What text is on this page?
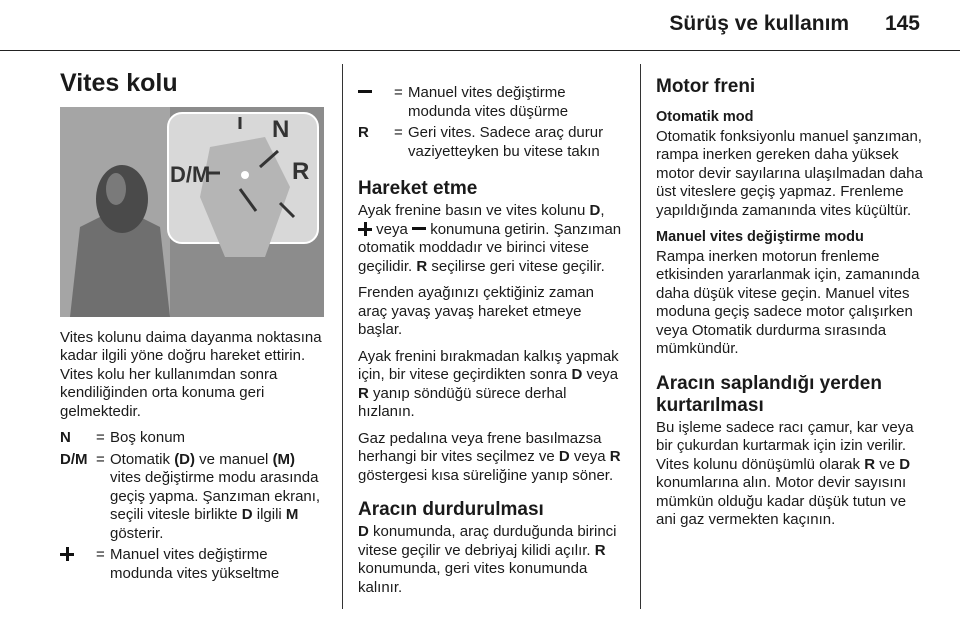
Sürüş ve kullanım 145
Vites kolu
N
R
D/M

Vites kolunu daima dayanma noktasına kadar ilgili yöne doğru hareket ettirin. Vites kolu her kullanımdan sonra kendiliğinden orta konuma geri gelmektedir.

N	= Boş konum
D/M = Otomatik (D) ve manuel (M) vites değiştirme modu arasında geçiş yapma. Şanzıman ekranı, seçili vitesle birlikte D ilgili M gösterir.
= Manuel vites değiştirme modunda vites yükseltme
= Manuel vites değiştirme modunda vites düşürme
R	= Geri vites. Sadece araç durur vaziyetteyken bu vitese takın
Hareket etme

Ayak frenine basın ve vites kolunu D,
veya  konumuna getirin. Şanzıman otomatik moddadır ve birinci vitese geçilidir. R seçilirse geri vitese geçilir.

Frenden ayağınızı çektiğiniz zaman araç yavaş yavaş hareket etmeye başlar.

Ayak frenini bırakmadan kalkış yapmak için, bir vitese geçirdikten sonra D veya R yanıp söndüğü sürece derhal hızlanın.

Gaz pedalına veya frene basılmazsa herhangi bir vites seçilmez ve D veya R göstergesi kısa süreliğine yanıp söner.

Aracın durdurulması

D konumunda, araç durduğunda birinci vitese geçilir ve debriyaj kilidi açılır. R konumunda, geri vites konumunda kalınır.

Motor freni
Otomatik mod

Otomatik fonksiyonlu manuel şanzıman, rampa inerken gereken daha yüksek motor devir sayılarına ulaşılmadan daha üst viteslere geçiş yapmaz. Frenleme yapıldığında zamanında vites küçültür.

Manuel vites değiştirme modu

Rampa inerken motorun frenleme etkisinden yararlanmak için, zamanında daha düşük vitese geçin. Manuel vites moduna geçiş sadece motor çalışırken veya Otomatik durdurma sırasında mümkündür.

Aracın saplandığı yerden kurtarılması

Bu işleme sadece racı çamur, kar veya bir çukurdan kurtarmak için izin verilir. Vites kolunu dönüşümlü olarak R ve D konumlarına alın. Motor devir sayısını mümkün olduğu kadar düşük tutun ve ani gaz vermekten kaçının.
